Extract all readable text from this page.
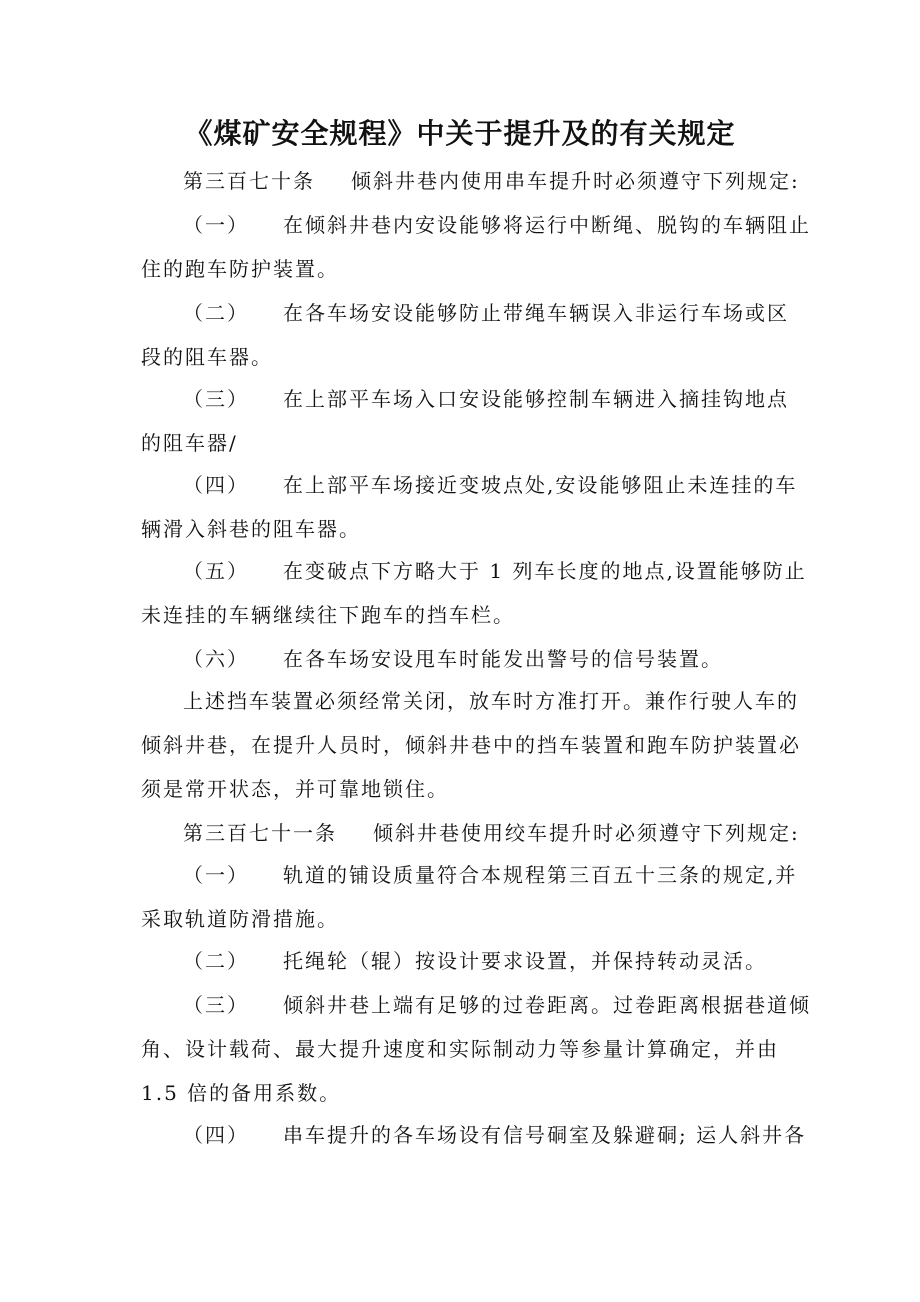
《煤矿安全规程》中关于提升及的有关规定
第三百七十条 倾斜井巷内使用串车提升时必须遵守下列规定:
（一） 在倾斜井巷内安设能够将运行中断绳、脱钩的车辆阻止
住的跑车防护装置。
（二） 在各车场安设能够防止带绳车辆误入非运行车场或区
段的阻车器。
（三） 在上部平车场入口安设能够控制车辆进入摘挂钩地点
的阻车器/
（四） 在上部平车场接近变坡点处,安设能够阻止未连挂的车
辆滑入斜巷的阻车器。
（五） 在变破点下方略大于 1 列车长度的地点,设置能够防止
未连挂的车辆继续往下跑车的挡车栏。
（六） 在各车场安设甩车时能发出警号的信号装置。
上述挡车装置必须经常关闭，放车时方准打开。兼作行驶人车的
倾斜井巷，在提升人员时，倾斜井巷中的挡车装置和跑车防护装置必
须是常开状态，并可靠地锁住。
第三百七十一条 倾斜井巷使用绞车提升时必须遵守下列规定:
（一） 轨道的铺设质量符合本规程第三百五十三条的规定,并
采取轨道防滑措施。
（二） 托绳轮（辊）按设计要求设置，并保持转动灵活。
（三） 倾斜井巷上端有足够的过卷距离。过卷距离根据巷道倾
角、设计载荷、最大提升速度和实际制动力等参量计算确定，并由
1.5 倍的备用系数。
（四） 串车提升的各车场设有信号硐室及躲避硐; 运人斜井各
